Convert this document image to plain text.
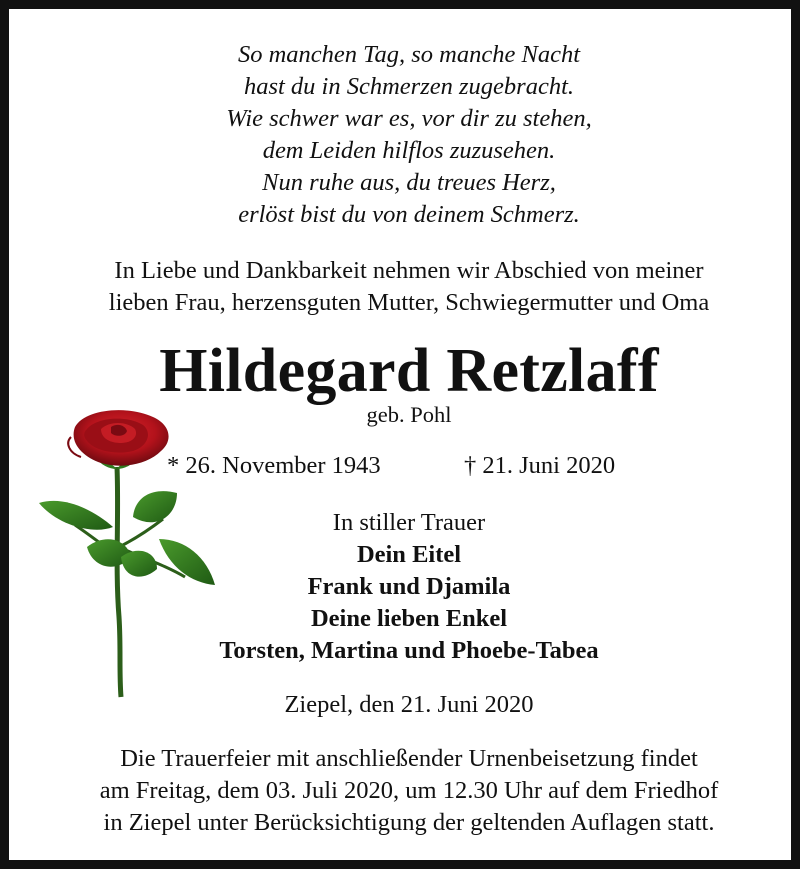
So manchen Tag, so manche Nacht
hast du in Schmerzen zugebracht.
Wie schwer war es, vor dir zu stehen,
dem Leiden hilflos zuzusehen.
Nun ruhe aus, du treues Herz,
erlöst bist du von deinem Schmerz.
In Liebe und Dankbarkeit nehmen wir Abschied von meiner
lieben Frau, herzensguten Mutter, Schwiegermutter und Oma
Hildegard Retzlaff
geb. Pohl
* 26. November 1943	† 21. Juni 2020
In stiller Trauer
Dein Eitel
Frank und Djamila
Deine lieben Enkel
Torsten, Martina und Phoebe-Tabea
Ziepel, den 21. Juni 2020
Die Trauerfeier mit anschließender Urnenbeisetzung findet
am Freitag, dem 03. Juli 2020, um 12.30 Uhr auf dem Friedhof
in Ziepel unter Berücksichtigung der geltenden Auflagen statt.
